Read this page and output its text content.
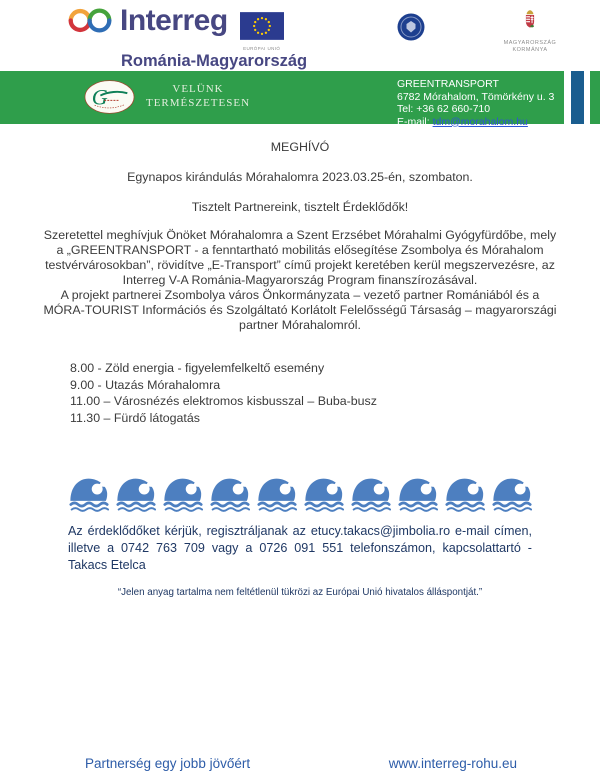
Interreg
EURÓPAI UNIÓ
Románia-Magyarország
MAGYARORSZÁG
KORMÁNYA
G	VELÜNK
TERMÉSZETESEN
GREENTRANSPORT
6782 Mórahalom, Tömörkény u. 3
Tel: +36 62 660-710
E-mail: tdm@morahalom.hu
MEGHÍVÓ
Egynapos kirándulás Mórahalomra 2023.03.25-én, szombaton.
Tisztelt Partnereink, tisztelt Érdeklődők!
Szeretettel meghívjuk Önöket Mórahalomra a Szent Erzsébet Mórahalmi Gyógyfürdőbe, mely a „GREENTRANSPORT - a fenntartható mobilitás elősegítése Zsombolya és Mórahalom testvérvárosokban”, rövidítve „E-Transport” című projekt keretében kerül megszervezésre, az Interreg V-A Románia-Magyarország Program finanszírozásával.
A projekt partnerei Zsombolya város Önkormányzata – vezető partner Romániából és a MÓRA-TOURIST Információs és Szolgáltató Korlátolt Felelősségű Társaság – magyarországi partner Mórahalomról.
8.00 - Zöld energia - figyelemfelkeltő esemény
9.00 - Utazás Mórahalomra
11.00 – Városnézés elektromos kisbusszal – Buba-busz
11.30 – Fürdő látogatás
Az érdeklődőket kérjük, regisztráljanak az etucy.takacs@jimbolia.ro e-mail címen, illetve a 0742 763 709 vagy a 0726 091 551 telefonszámon, kapcsolattartó - Takacs Etelca
“Jelen anyag tartalma nem feltétlenül tükrözi az Európai Unió hivatalos álláspontját.”
Partnerség egy jobb jövőért	www.interreg-rohu.eu
